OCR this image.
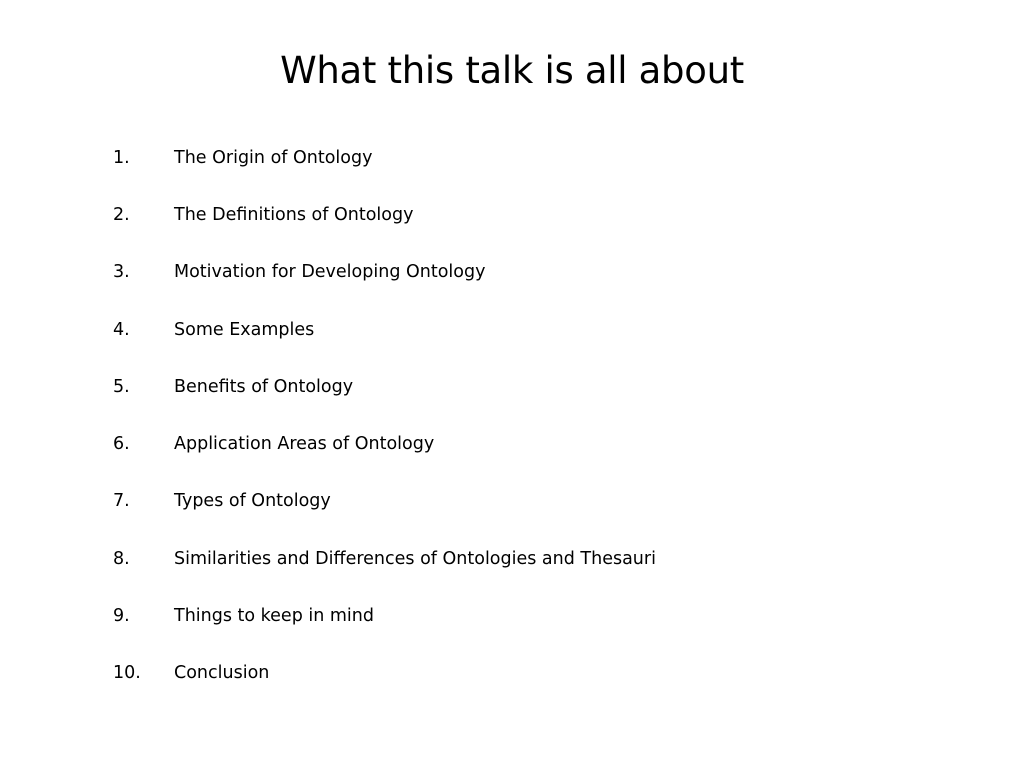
What this talk is all about
1.	The Origin of Ontology
2.	The Definitions of Ontology
3.	Motivation for Developing Ontology
4.	Some Examples
5.	Benefits of Ontology
6.	Application Areas of Ontology
7.	Types of Ontology
8.	Similarities and Differences of Ontologies and Thesauri
9.	Things to keep in mind
10.	Conclusion
